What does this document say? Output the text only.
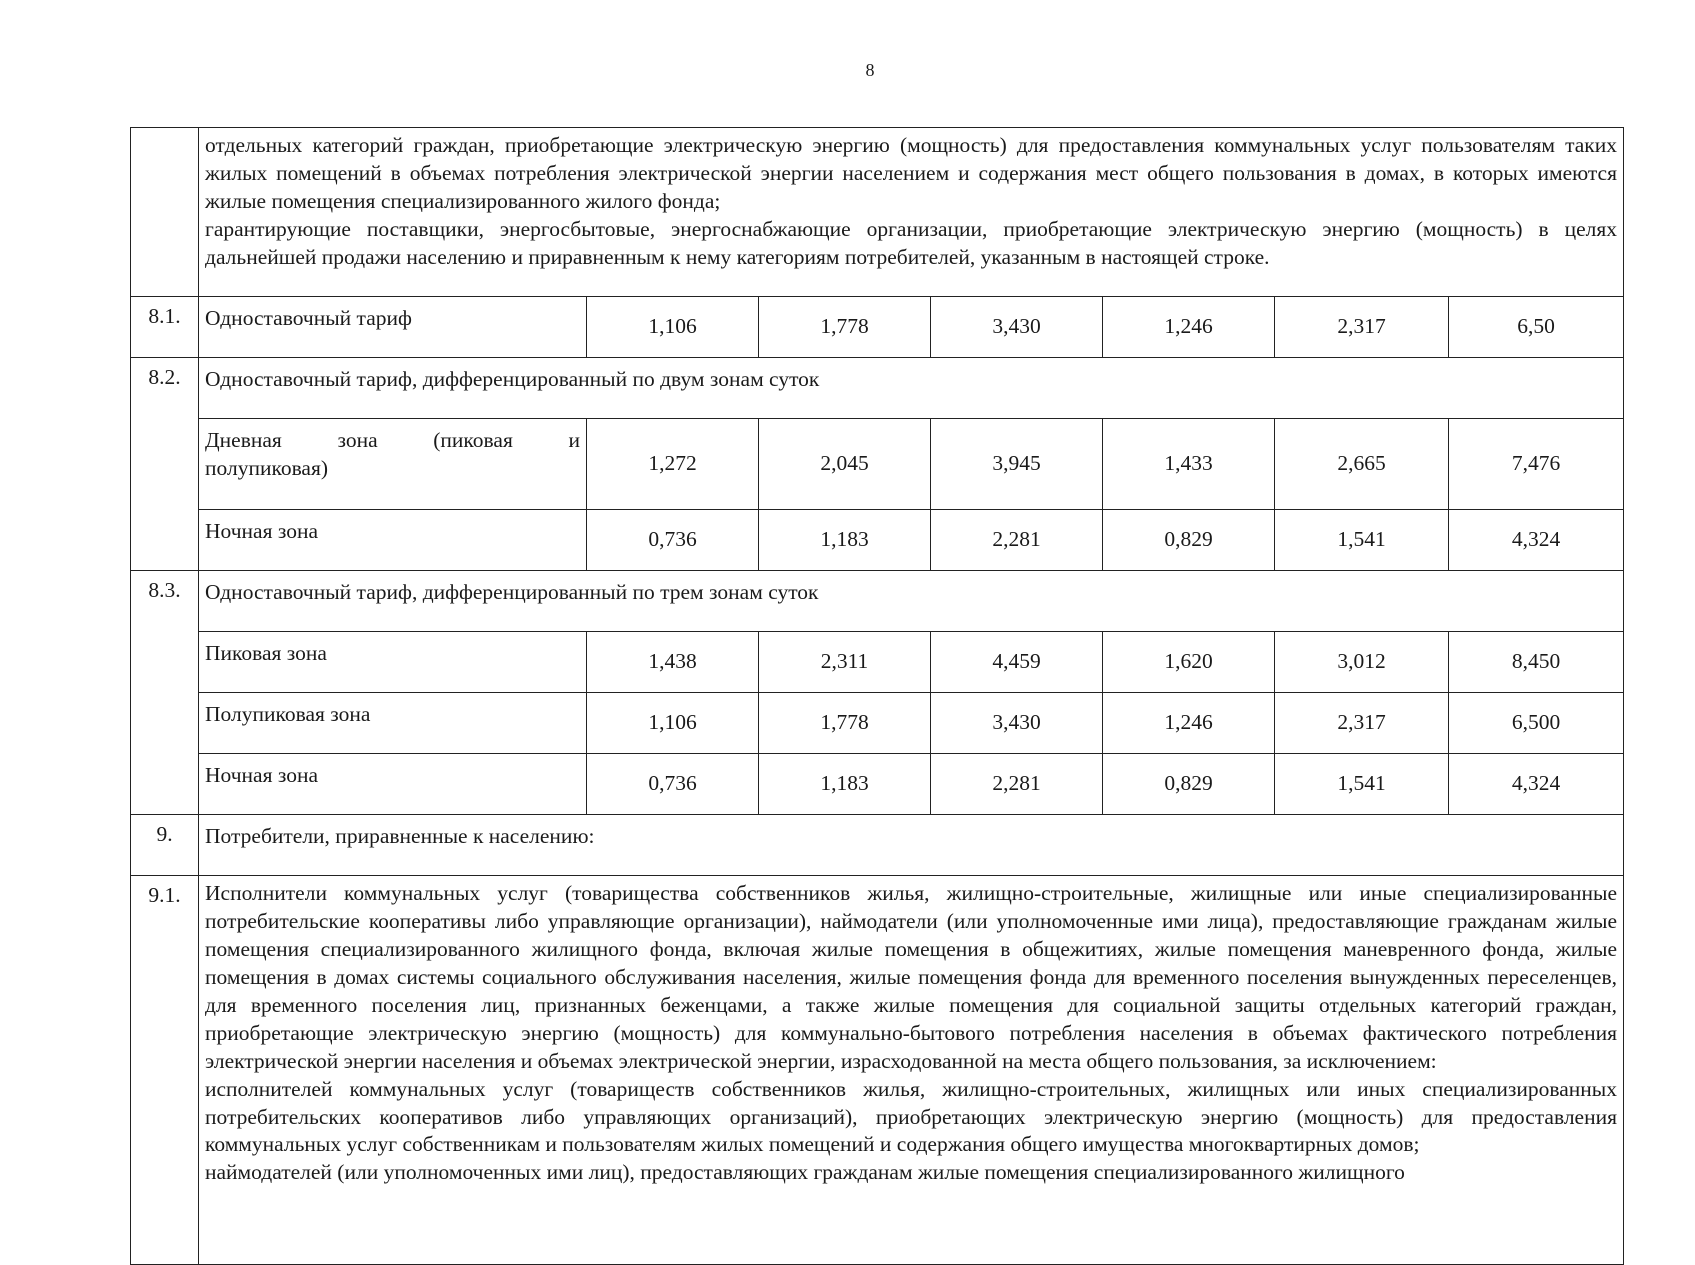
8

	отдельных категорий граждан, приобретающие электрическую энергию (мощность) для предоставления коммунальных услуг пользователям таких жилых помещений в объемах потребления электрической энергии населением и содержания мест общего пользования в домах, в которых имеются жилые помещения специализированного жилого фонда;

гарантирующие поставщики, энергосбытовые, энергоснабжающие организации, приобретающие электрическую энергию (мощность) в целях дальнейшей продажи населению и приравненным к нему категориям потребителей, указанным в настоящей строке.						

8.1.	Одноставочный тариф	1,106	1,778	3,430	1,246	2,317	6,50
8.2.	Одноставочный тариф, дифференцированный по двум зонам суток						

	Дневная зона (пиковая и
полупиковая)	1,272	2,045	3,945	1,433	2,665	7,476
	Ночная зона	0,736	1,183	2,281	0,829	1,541	4,324
8.3.	Одноставочный тариф, дифференцированный по трем зонам суток						
	Пиковая зона	1,438	2,311	4,459	1,620	3,012	8,450
	Полупиковая зона	1,106	1,778	3,430	1,246	2,317	6,500
	Ночная зона	0,736	1,183	2,281	0,829	1,541	4,324
9.	Потребители, приравненные к населению:						
9.1.	Исполнители коммунальных услуг (товарищества собственников жилья, жилищно-строительные, жилищные или иные специализированные потребительские кооперативы либо управляющие организации), наймодатели (или уполномоченные ими лица), предоставляющие гражданам жилые помещения специализированного жилищного фонда, включая жилые помещения в общежитиях, жилые помещения маневренного фонда, жилые помещения в домах системы социального обслуживания населения, жилые помещения фонда для временного поселения вынужденных переселенцев, для временного поселения лиц, признанных беженцами, а также жилые помещения для социальной защиты отдельных категорий граждан, приобретающие электрическую энергию (мощность) для коммунально-бытового потребления населения в объемах фактического потребления электрической энергии населения и объемах электрической энергии, израсходованной на места общего пользования, за исключением:

исполнителей коммунальных услуг (товариществ собственников жилья, жилищно-строительных, жилищных или иных специализированных потребительских кооперативов либо управляющих организаций), приобретающих электрическую энергию (мощность) для предоставления коммунальных услуг собственникам и пользователям жилых помещений и содержания общего имущества многоквартирных домов;

наймодателей (или уполномоченных ими лиц), предоставляющих гражданам жилые помещения специализированного жилищного						
